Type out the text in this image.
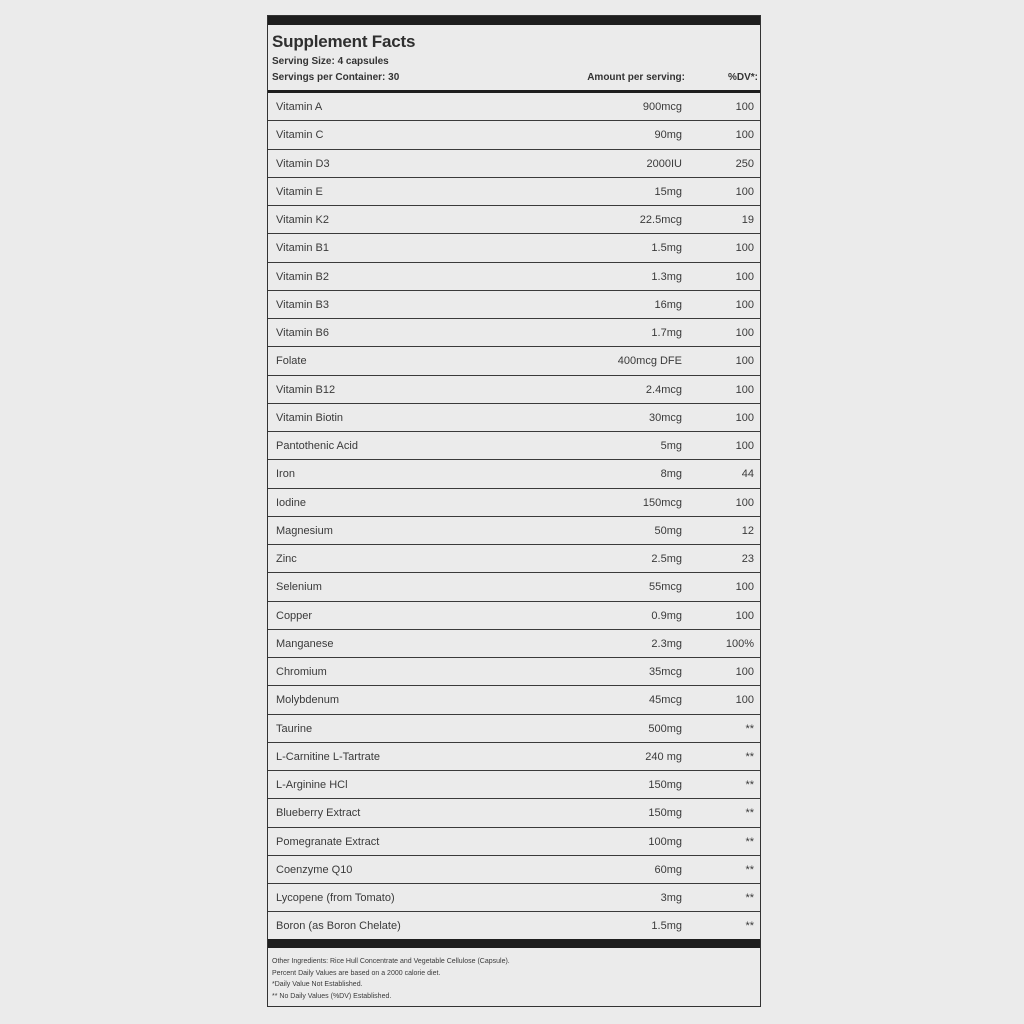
Supplement Facts
Serving Size: 4 capsules
Servings per Container: 30	Amount per serving:	%DV*:
Vitamin A	900mcg	100
Vitamin C	90mg	100
Vitamin D3	2000IU	250
Vitamin E	15mg	100
Vitamin K2	22.5mcg	19
Vitamin B1	1.5mg	100
Vitamin B2	1.3mg	100
Vitamin B3	16mg	100
Vitamin B6	1.7mg	100
Folate	400mcg DFE	100
Vitamin B12	2.4mcg	100
Vitamin Biotin	30mcg	100
Pantothenic Acid	5mg	100
Iron	8mg	44
Iodine	150mcg	100
Magnesium	50mg	12
Zinc	2.5mg	23
Selenium	55mcg	100
Copper	0.9mg	100
Manganese	2.3mg	100%
Chromium	35mcg	100
Molybdenum	45mcg	100
Taurine	500mg	**
L-Carnitine L-Tartrate	240 mg	**
L-Arginine HCl	150mg	**
Blueberry Extract	150mg	**
Pomegranate Extract	100mg	**
Coenzyme Q10	60mg	**
Lycopene (from Tomato)	3mg	**
Boron (as Boron Chelate)	1.5mg	**
Other Ingredients: Rice Hull Concentrate and Vegetable Cellulose (Capsule).
Percent Daily Values are based on a 2000 calorie diet.
*Daily Value Not Established.
** No Daily Values (%DV) Established.
